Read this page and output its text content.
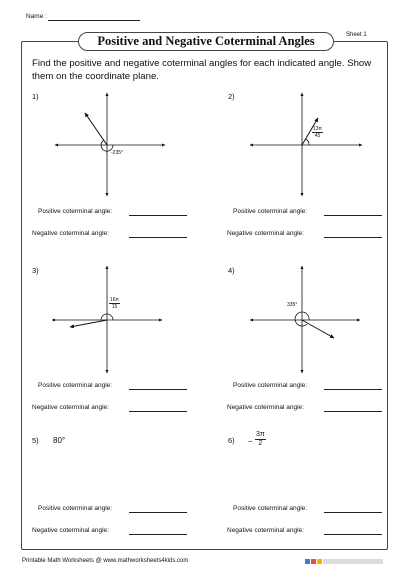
Name :
Positive and Negative Coterminal Angles	Sheet 1
Find the positive and negative coterminal angles for each indicated angle. Show them on the coordinate plane.
-235°
$\frac{13\pi}{45}$
$\frac{16\pi}{15}$	335°
1)	2)
3)	4)
5) 80°	$6) - \frac{3\pi}{2}$
Positive coterminal angle:
Negative coterminal angle:
Positive coterminal angle:
Negative coterminal angle:
Positive coterminal angle:
Negative coterminal angle:
Positive coterminal angle:
Negative coterminal angle:
Positive coterminal angle:
Negative coterminal angle:
Positive coterminal angle:
Negative coterminal angle:
Printable Math Worksheets @ www.mathworksheets4kids.com
